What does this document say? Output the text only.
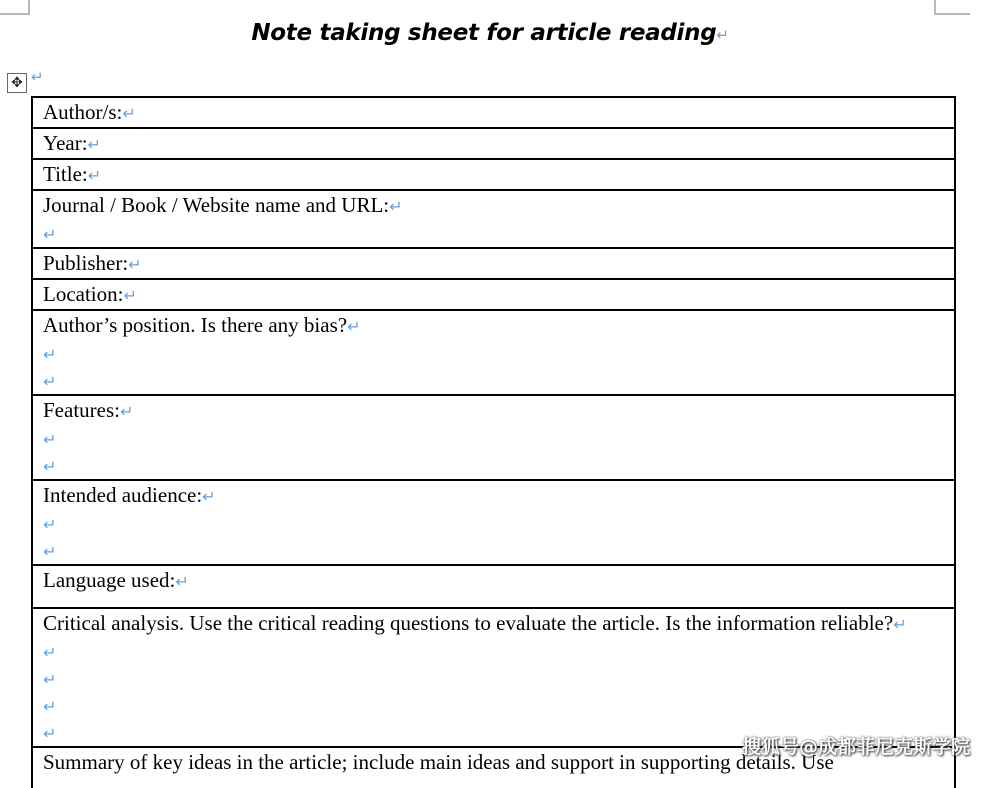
Note taking sheet for article reading↵
✥ ↵
Author/s:↵
Year:↵
Title:↵
Journal / Book / Website name and URL:↵
↵
Publisher:↵
Location:↵
Author’s position. Is there any bias?↵
↵
↵
Features:↵
↵
↵
Intended audience:↵
↵
↵
Language used:↵
Critical analysis. Use the critical reading questions to evaluate the article. Is the information reliable?↵
↵
↵
↵
↵
Summary of key ideas in the article; include main ideas and support in supporting details. Use
搜狐号@成都菲尼克斯学院
